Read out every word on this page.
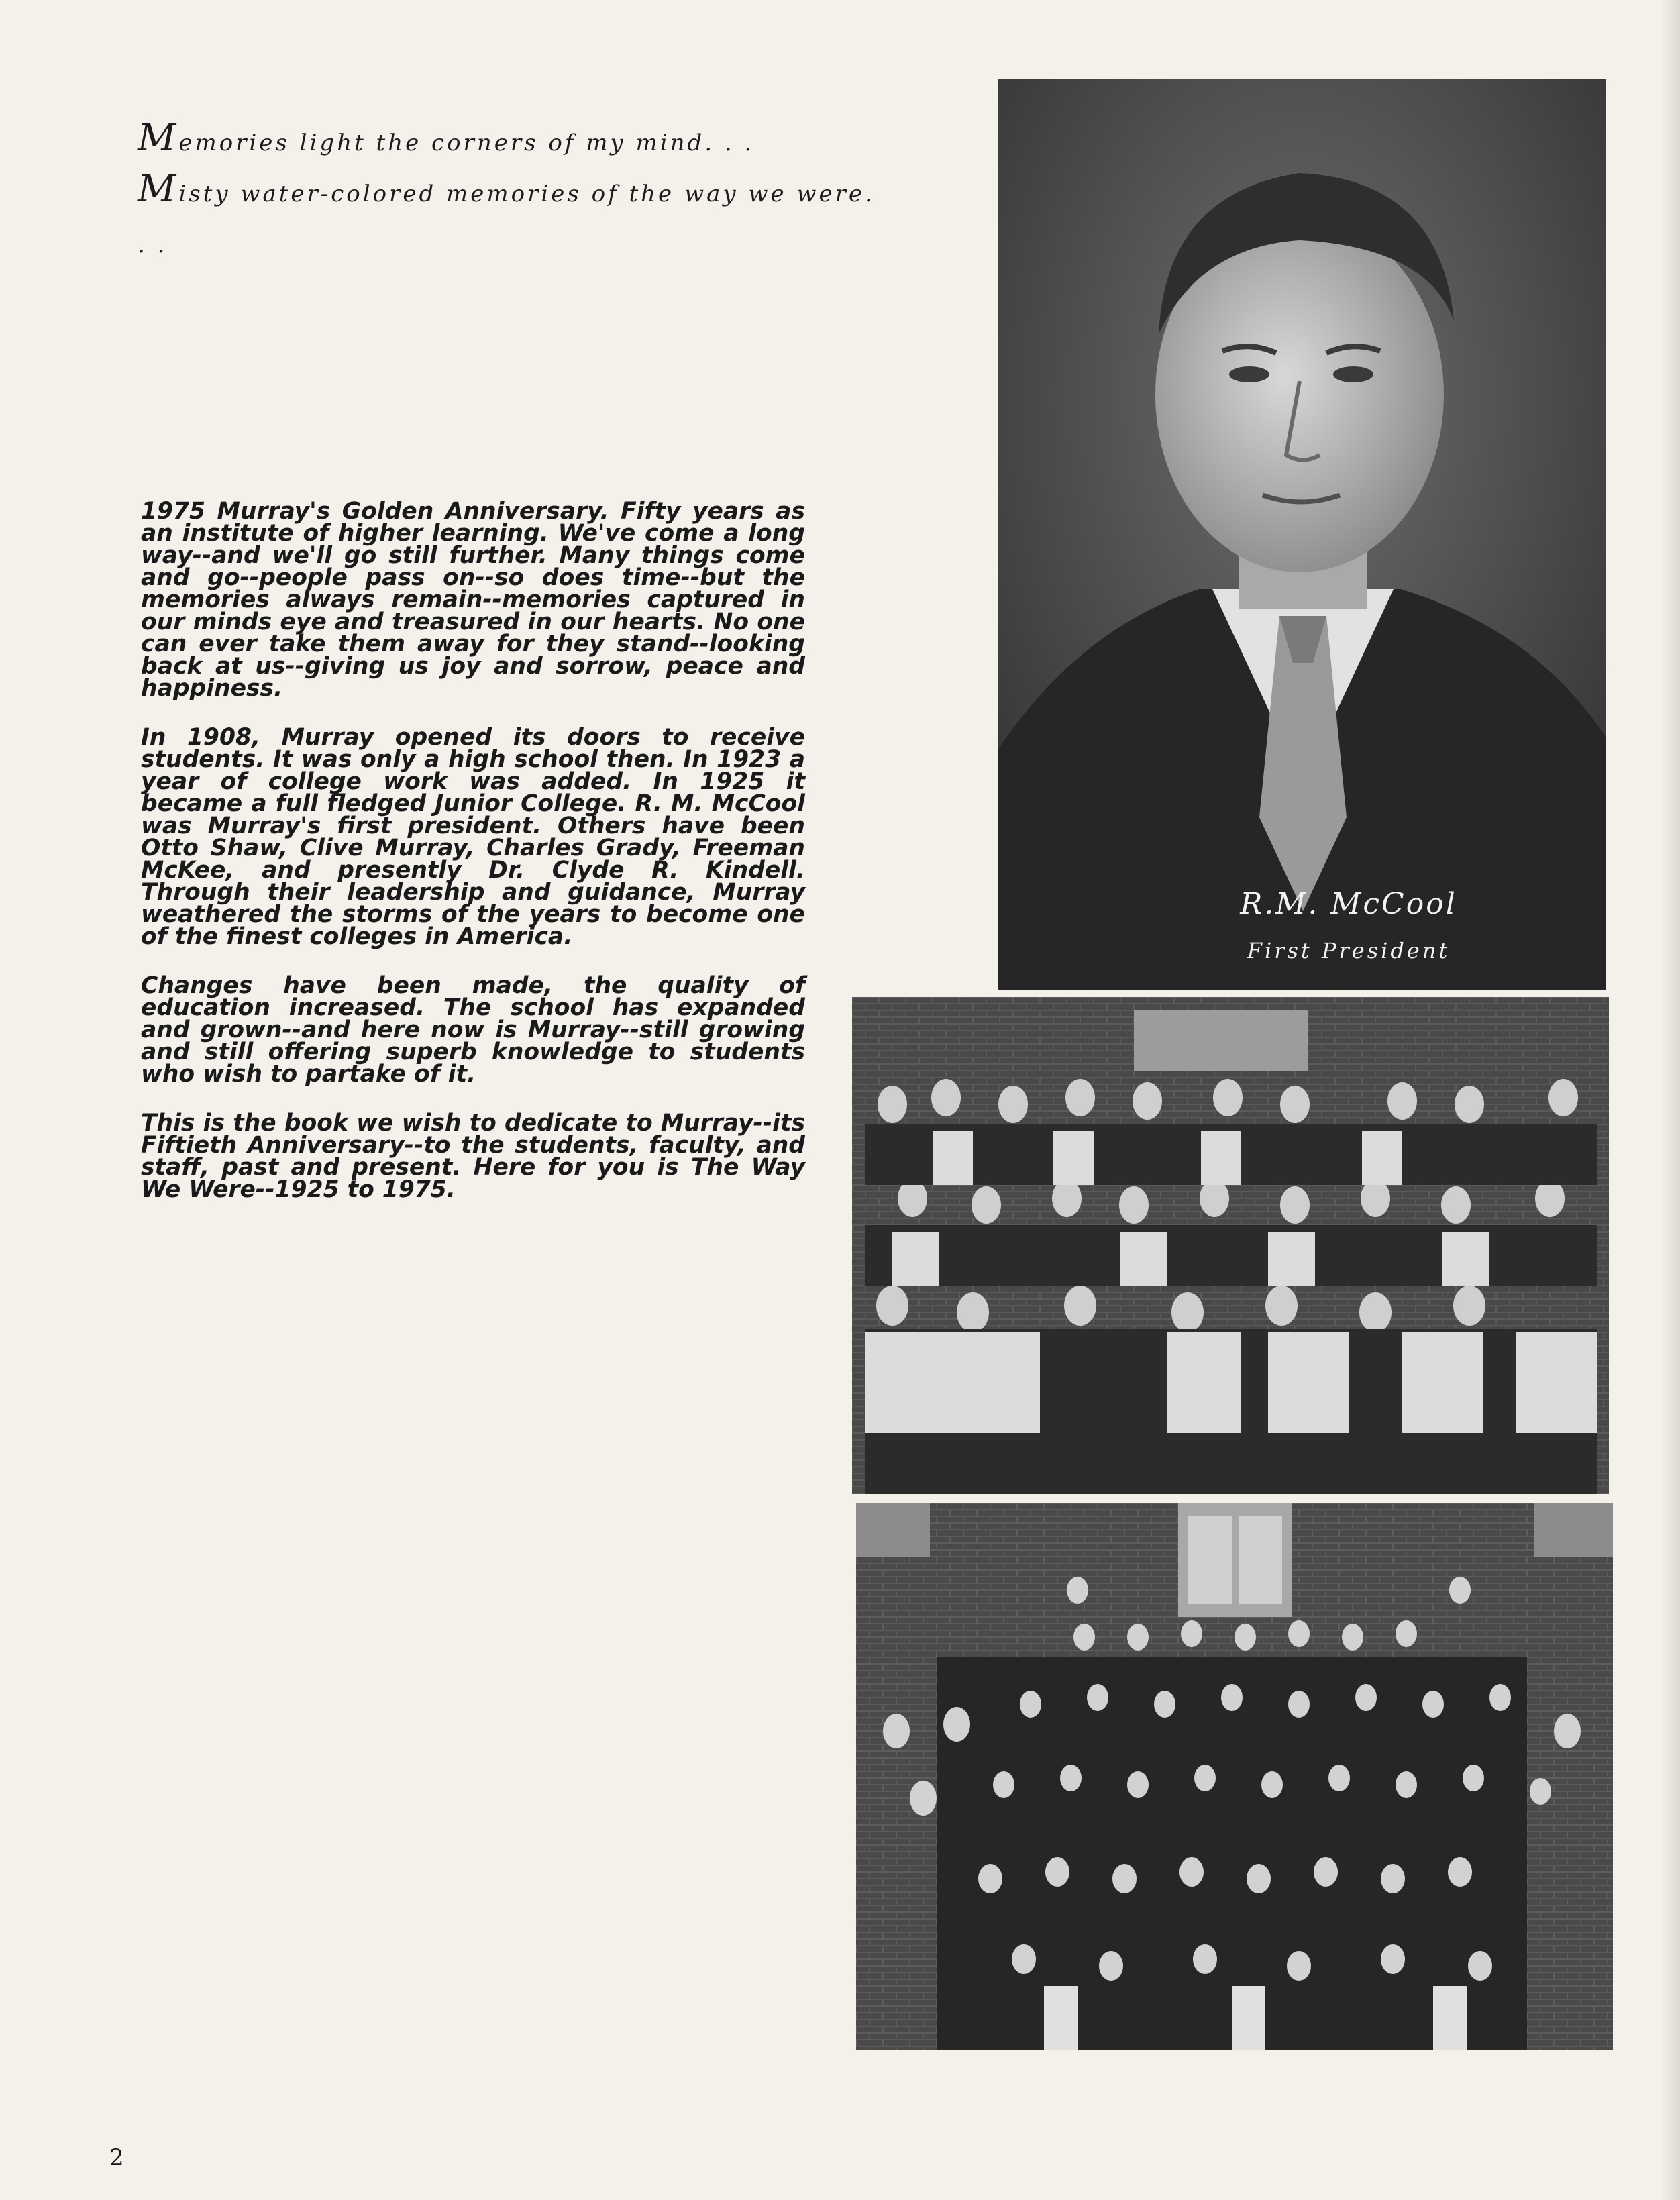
Memories light the corners of my mind. . .
Misty water-colored memories of the way we were. . .

1975 Murray's Golden Anniversary. Fifty years as an institute of higher learning. We've come a long way--and we'll go still further. Many things come and go--people pass on--so does time--but the memories always remain--memories captured in our minds eye and treasured in our hearts. No one can ever take them away for they stand--looking back at us--giving us joy and sorrow, peace and happiness.

In 1908, Murray opened its doors to receive students. It was only a high school then. In 1923 a year of college work was added. In 1925 it became a full fledged Junior College. R. M. McCool was Murray's first president. Others have been Otto Shaw, Clive Murray, Charles Grady, Freeman McKee, and presently Dr. Clyde R. Kindell. Through their leadership and guidance, Murray weathered the storms of the years to become one of the finest colleges in America.

Changes have been made, the quality of education increased. The school has expanded and grown--and here now is Murray--still growing and still offering superb knowledge to students who wish to partake of it.

This is the book we wish to dedicate to Murray--its Fiftieth Anniversary--to the students, faculty, and staff, past and present. Here for you is The Way We Were--1925 to 1975.

R.M. McCool
First President
2
